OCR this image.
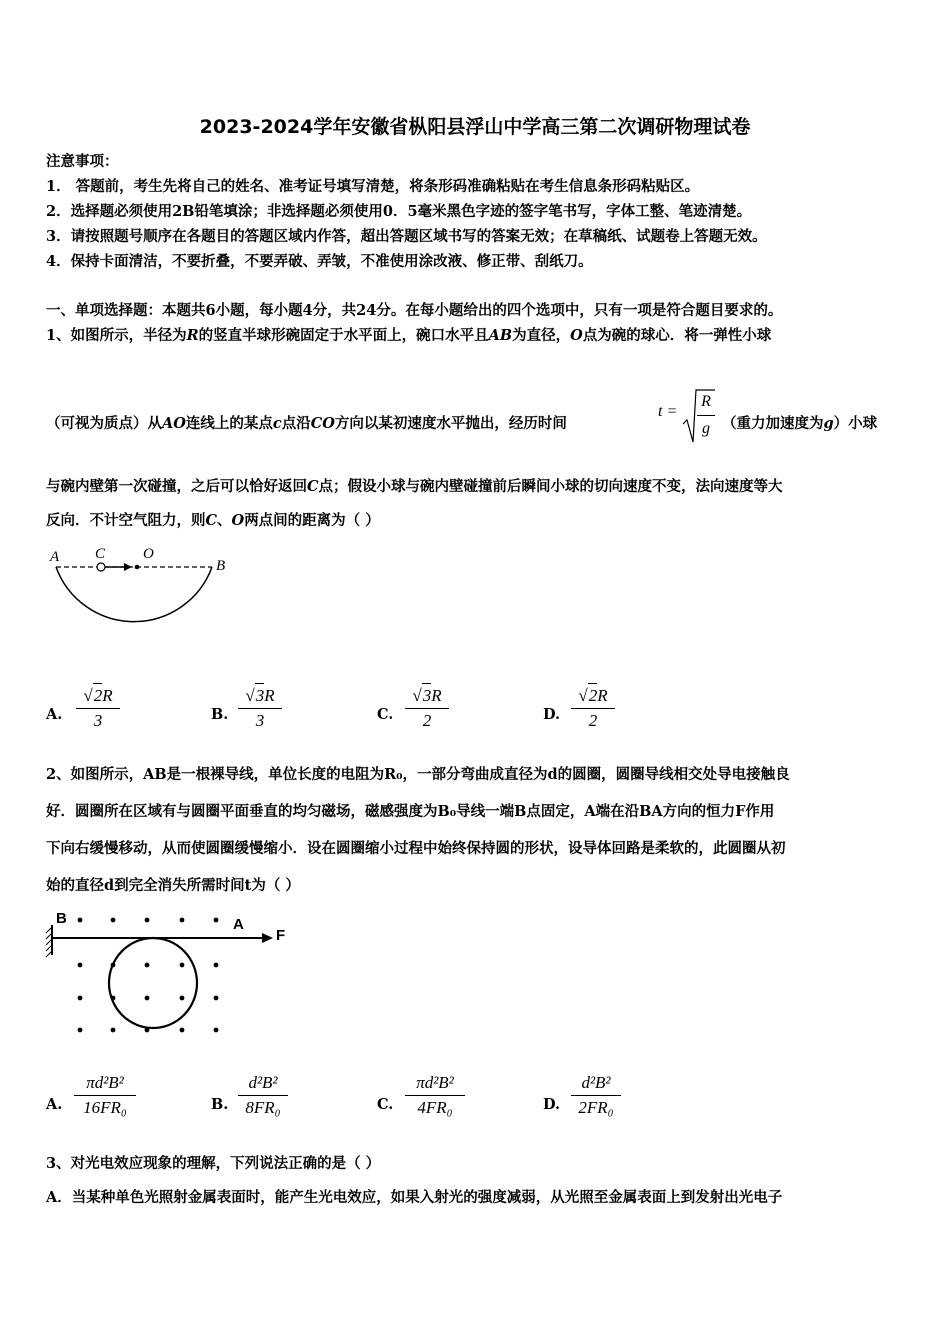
2023-2024学年安徽省枞阳县浮山中学高三第二次调研物理试卷
注意事项：
1． 答题前，考生先将自己的姓名、准考证号填写清楚，将条形码准确粘贴在考生信息条形码粘贴区。
2．选择题必须使用2B铅笔填涂；非选择题必须使用0．5毫米黑色字迹的签字笔书写，字体工整、笔迹清楚。
3．请按照题号顺序在各题目的答题区域内作答，超出答题区域书写的答案无效；在草稿纸、试题卷上答题无效。
4．保持卡面清洁，不要折叠，不要弄破、弄皱，不准使用涂改液、修正带、刮纸刀。
一、单项选择题：本题共6小题，每小题4分，共24分。在每小题给出的四个选项中，只有一项是符合题目要求的。
1、如图所示，半径为R的竖直半球形碗固定于水平面上，碗口水平且AB为直径，O点为碗的球心．将一弹性小球
（可视为质点）从AO连线上的某点c点沿CO方向以某初速度水平抛出，经历时间
t =
R
g （重力加速度为g）小球
与碗内壁第一次碰撞，之后可以恰好返回C点；假设小球与碗内壁碰撞前后瞬间小球的切向速度不变，法向速度等大
反向．不计空气阻力，则C、O两点间的距离为（ ）
A C	O
B
A. $\frac{√2R}{3}$	B. $\frac{√3R}{3}$	C. $\frac{√3R}{2}$	D. $\frac{√2R}{2}$
2、如图所示，AB是一根裸导线，单位长度的电阻为R₀，一部分弯曲成直径为d的圆圈，圆圈导线相交处导电接触良
好．圆圈所在区域有与圆圈平面垂直的均匀磁场，磁感强度为B₀导线一端B点固定，A端在沿BA方向的恒力F作用
下向右缓慢移动，从而使圆圈缓慢缩小．设在圆圈缩小过程中始终保持圆的形状，设导体回路是柔软的，此圆圈从初
始的直径d到完全消失所需时间t为（ ）
B	A
F
A. $\frac{\text{πd²B²}}{\text{16FR₀}}$	B. $\frac{\text{d²B²}}{\text{8FR₀}}$	C. $\frac{\text{πd²B²}}{\text{4FR₀}}$	D. $\frac{\text{d²B²}}{\text{2FR₀}}$
3、对光电效应现象的理解，下列说法正确的是（ ）
A．当某种单色光照射金属表面时，能产生光电效应，如果入射光的强度减弱，从光照至金属表面上到发射出光电子
